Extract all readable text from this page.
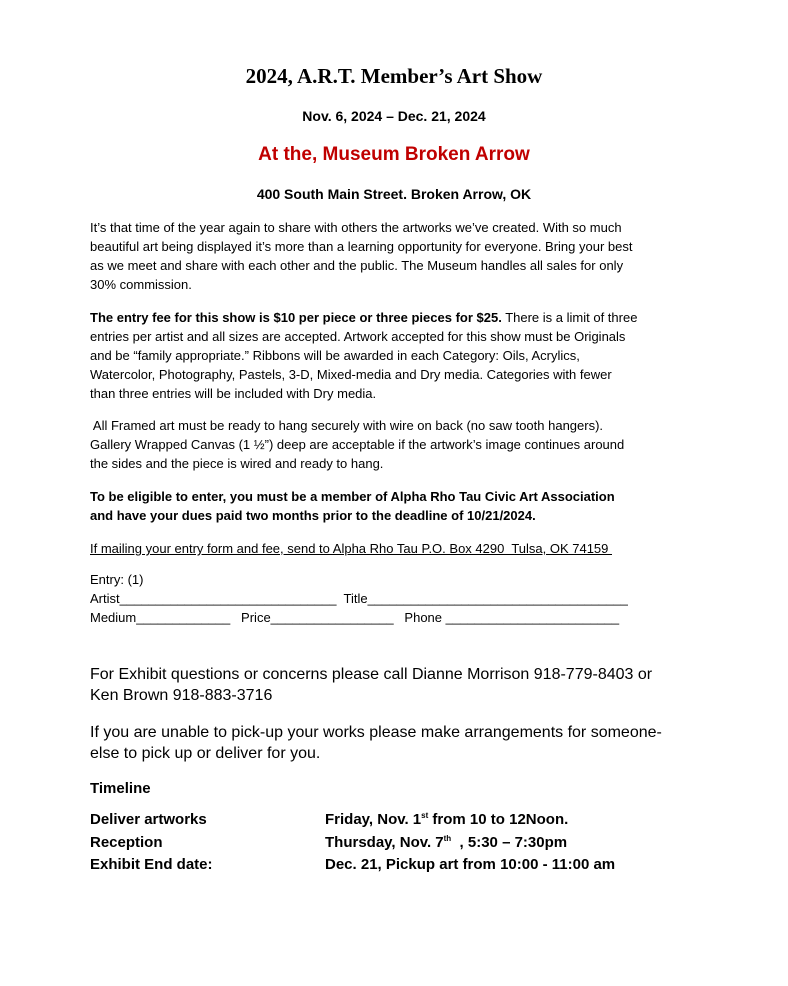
2024, A.R.T. Member’s Art Show
Nov. 6, 2024 – Dec. 21, 2024
At the, Museum Broken Arrow
400 South Main Street. Broken Arrow, OK
It’s that time of the year again to share with others the artworks we’ve created. With so much
beautiful art being displayed it’s more than a learning opportunity for everyone. Bring your best
as we meet and share with each other and the public. The Museum handles all sales for only
30% commission.
The entry fee for this show is $10 per piece or three pieces for $25. There is a limit of three
entries per artist and all sizes are accepted. Artwork accepted for this show must be Originals
and be “family appropriate.” Ribbons will be awarded in each Category: Oils, Acrylics,
Watercolor, Photography, Pastels, 3-D, Mixed-media and Dry media. Categories with fewer
than three entries will be included with Dry media.
All Framed art must be ready to hang securely with wire on back (no saw tooth hangers).
Gallery Wrapped Canvas (1 ½”) deep are acceptable if the artwork’s image continues around
the sides and the piece is wired and ready to hang.
To be eligible to enter, you must be a member of Alpha Rho Tau Civic Art Association
and have your dues paid two months prior to the deadline of 10/21/2024.
If mailing your entry form and fee, send to Alpha Rho Tau P.O. Box 4290  Tulsa, OK 74159
Entry: (1)
Artist______________________________  Title____________________________________
Medium_____________   Price_________________   Phone ________________________
For Exhibit questions or concerns please call Dianne Morrison 918-779-8403 or
Ken Brown 918-883-3716
If you are unable to pick-up your works please make arrangements for someone-
else to pick up or deliver for you.
Timeline
Deliver artworks	Friday, Nov. 1st from 10 to 12Noon.
Reception	Thursday, Nov. 7th  , 5:30 – 7:30pm
Exhibit End date:	Dec. 21, Pickup art from 10:00 - 11:00 am
